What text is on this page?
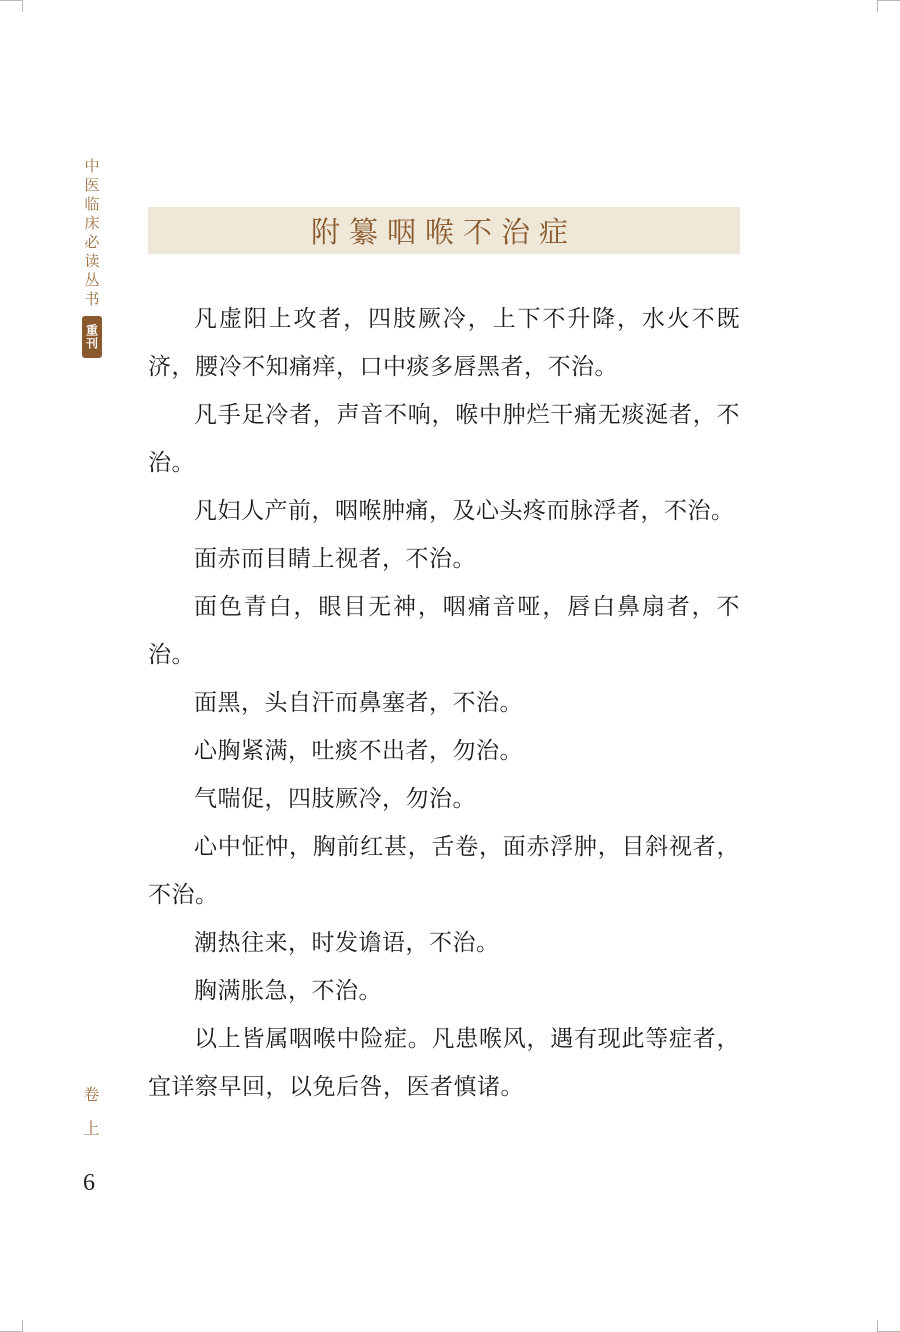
中医临床必读丛书
重刊
卷上
6
附纂咽喉不治症

凡虚阳上攻者，四肢厥冷，上下不升降，水火不既济，腰冷不知痛痒，口中痰多唇黑者，不治。

凡手足冷者，声音不响，喉中肿烂干痛无痰涎者，不治。

凡妇人产前，咽喉肿痛，及心头疼而脉浮者，不治。

面赤而目睛上视者，不治。

面色青白，眼目无神，咽痛音哑，唇白鼻扇者，不治。

面黑，头自汗而鼻塞者，不治。

心胸紧满，吐痰不出者，勿治。

气喘促，四肢厥冷，勿治。

心中怔忡，胸前红甚，舌卷，面赤浮肿，目斜视者，不治。

潮热往来，时发谵语，不治。

胸满胀急，不治。

以上皆属咽喉中险症。凡患喉风，遇有现此等症者，宜详察早回，以免后咎，医者慎诸。
